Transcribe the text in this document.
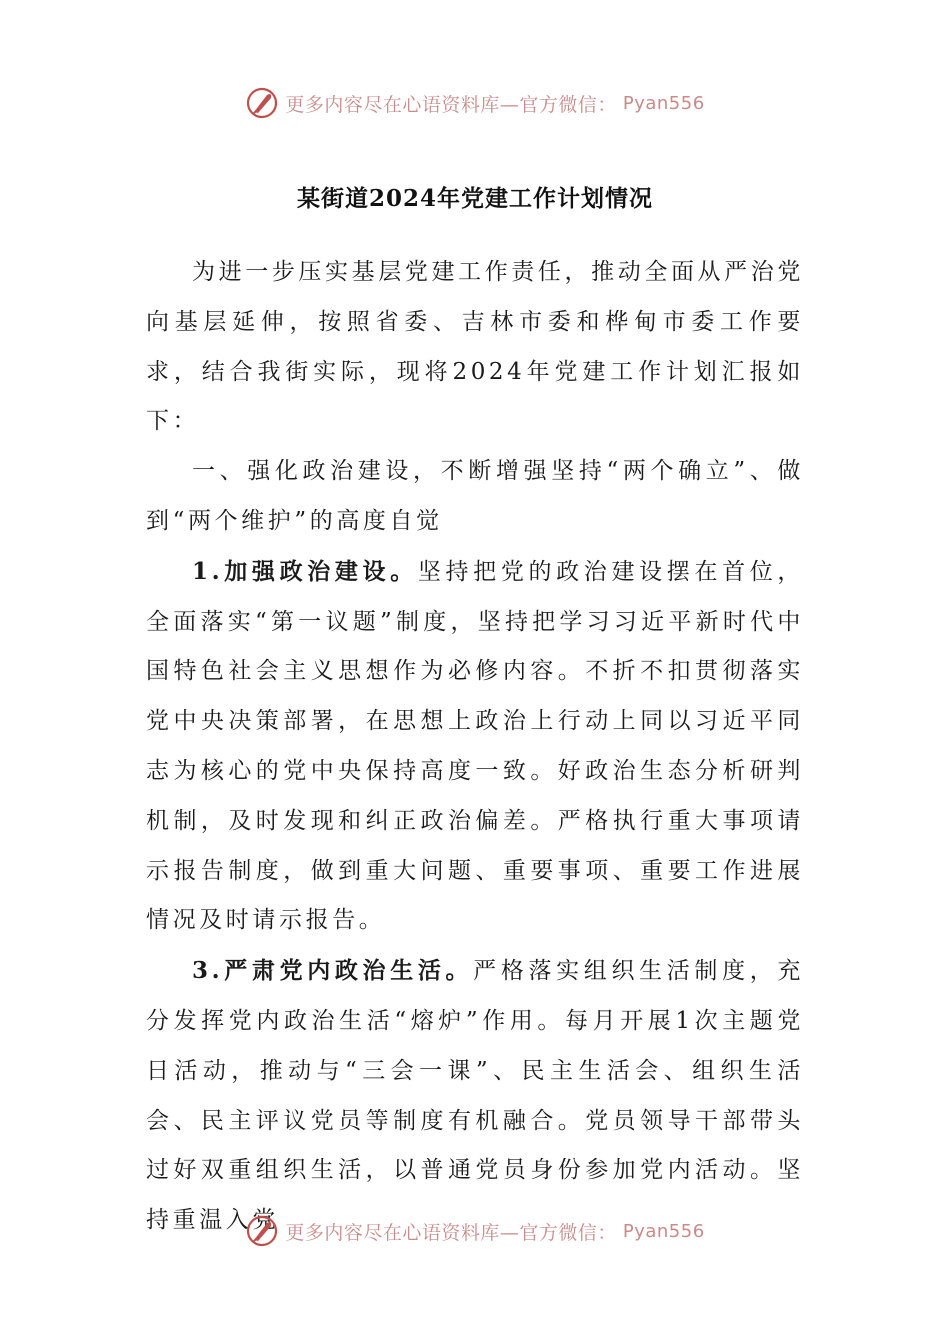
更多内容尽在心语资料库—官方微信： Pyan556
某街道2024年党建工作计划情况

为进一步压实基层党建工作责任，推动全面从严治党向基层延伸，按照省委、吉林市委和桦甸市委工作要求，结合我街实际，现将2024年党建工作计划汇报如下：

一、强化政治建设，不断增强坚持“两个确立”、做到“两个维护”的高度自觉

1.加强政治建设。坚持把党的政治建设摆在首位，全面落实“第一议题”制度，坚持把学习习近平新时代中国特色社会主义思想作为必修内容。不折不扣贯彻落实党中央决策部署，在思想上政治上行动上同以习近平同志为核心的党中央保持高度一致。好政治生态分析研判机制，及时发现和纠正政治偏差。严格执行重大事项请示报告制度，做到重大问题、重要事项、重要工作进展情况及时请示报告。

3.严肃党内政治生活。严格落实组织生活制度，充分发挥党内政治生活“熔炉”作用。每月开展1次主题党日活动，推动与“三会一课”、民主生活会、组织生活会、民主评议党员等制度有机融合。党员领导干部带头过好双重组织生活，以普通党员身份参加党内活动。坚持重温入党 更多内容尽在心语资料库—官方微信： Pyan556
